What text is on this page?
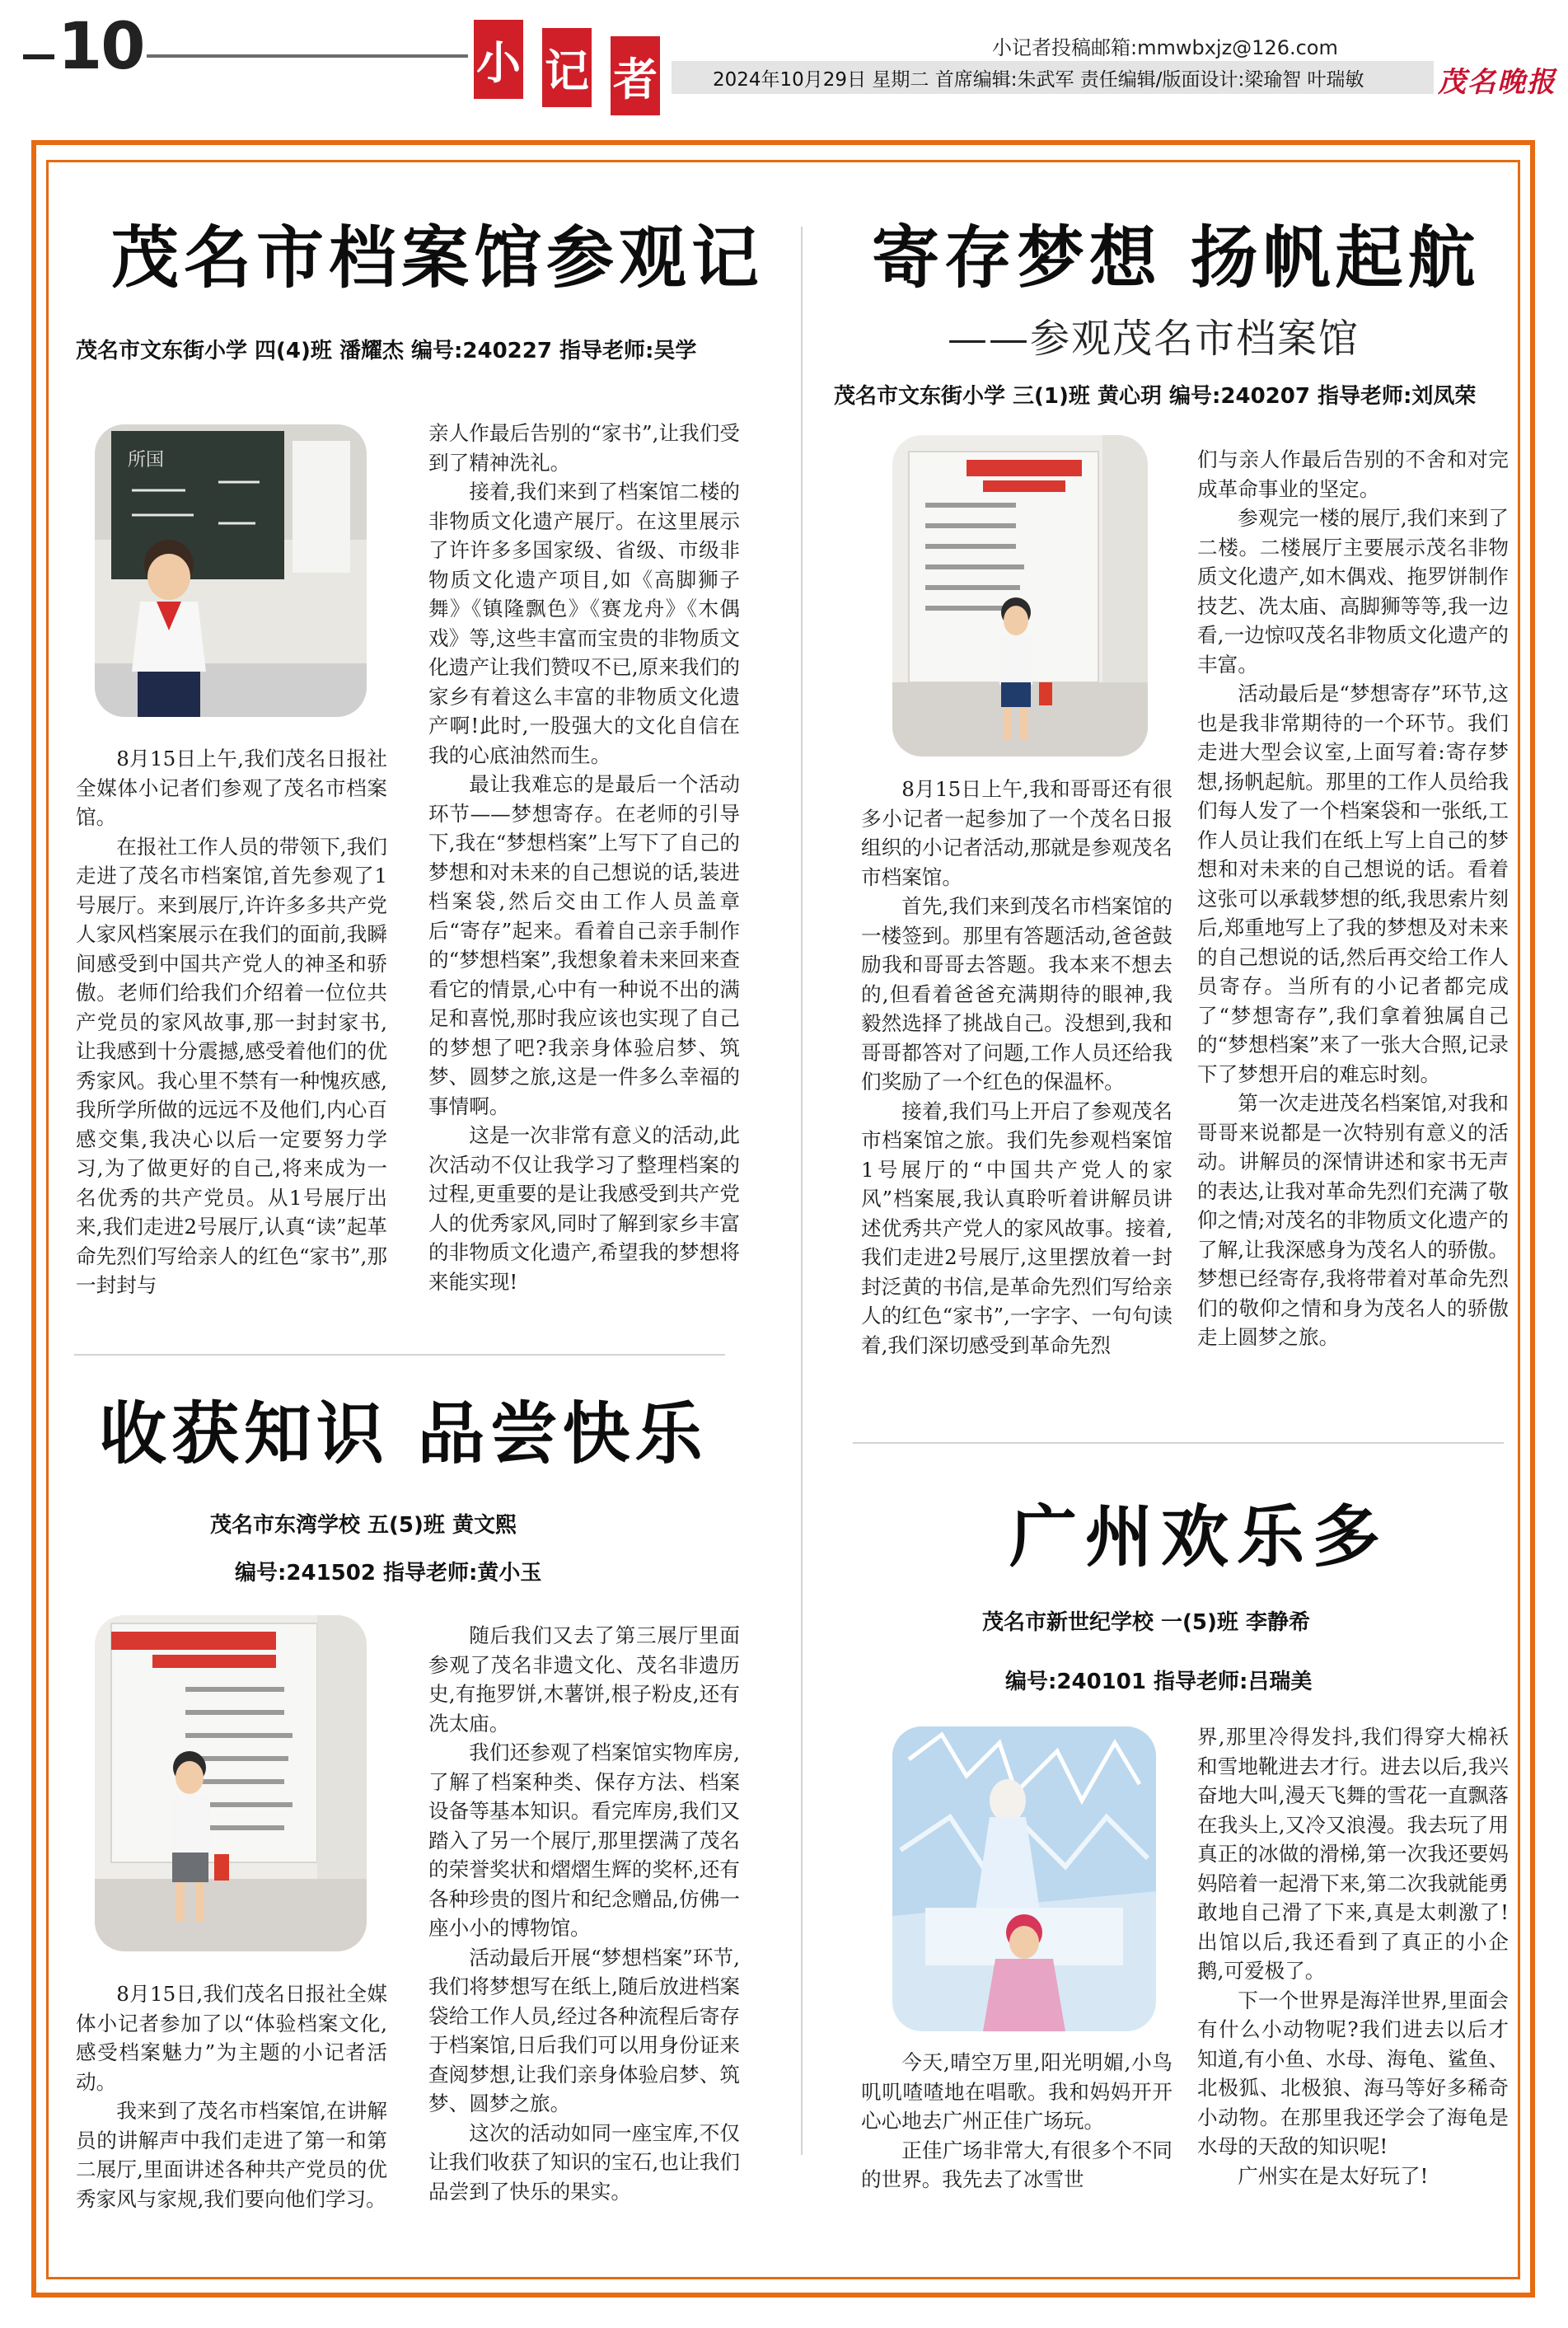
10	小 记 者
小记者投稿邮箱:mmwbxjz@126.com
2024年10月29日 星期二 首席编辑:朱武军 责任编辑/版面设计:梁瑜智 叶瑞敏	茂名晚报
茂名市档案馆参观记
茂名市文东街小学 四(4)班 潘耀杰 编号:240227 指导老师:吴学
所国

8月15日上午,我们茂名日报社全媒体小记者们参观了茂名市档案馆。

在报社工作人员的带领下,我们走进了茂名市档案馆,首先参观了1号展厅。来到展厅,许许多多共产党人家风档案展示在我们的面前,我瞬间感受到中国共产党人的神圣和骄傲。老师们给我们介绍着一位位共产党员的家风故事,那一封封家书,让我感到十分震撼,感受着他们的优秀家风。我心里不禁有一种愧疚感,我所学所做的远远不及他们,内心百感交集,我决心以后一定要努力学习,为了做更好的自己,将来成为一名优秀的共产党员。从1号展厅出来,我们走进2号展厅,认真“读”起革命先烈们写给亲人的红色“家书”,那一封封与

亲人作最后告别的“家书”,让我们受到了精神洗礼。

接着,我们来到了档案馆二楼的非物质文化遗产展厅。在这里展示了许许多多国家级、省级、市级非物质文化遗产项目,如《高脚狮子舞》《镇隆飘色》《赛龙舟》《木偶戏》等,这些丰富而宝贵的非物质文化遗产让我们赞叹不已,原来我们的家乡有着这么丰富的非物质文化遗产啊!此时,一股强大的文化自信在我的心底油然而生。

最让我难忘的是最后一个活动环节——梦想寄存。在老师的引导下,我在“梦想档案”上写下了自己的梦想和对未来的自己想说的话,装进档案袋,然后交由工作人员盖章后“寄存”起来。看着自己亲手制作的“梦想档案”,我想象着未来回来查看它的情景,心中有一种说不出的满足和喜悦,那时我应该也实现了自己的梦想了吧?我亲身体验启梦、筑梦、圆梦之旅,这是一件多么幸福的事情啊。

这是一次非常有意义的活动,此次活动不仅让我学习了整理档案的过程,更重要的是让我感受到共产党人的优秀家风,同时了解到家乡丰富的非物质文化遗产,希望我的梦想将来能实现!

寄存梦想 扬帆起航
——参观茂名市档案馆
茂名市文东街小学 三(1)班 黄心玥 编号:240207 指导老师:刘凤荣

8月15日上午,我和哥哥还有很多小记者一起参加了一个茂名日报组织的小记者活动,那就是参观茂名市档案馆。

首先,我们来到茂名市档案馆的一楼签到。那里有答题活动,爸爸鼓励我和哥哥去答题。我本来不想去的,但看着爸爸充满期待的眼神,我毅然选择了挑战自己。没想到,我和哥哥都答对了问题,工作人员还给我们奖励了一个红色的保温杯。

接着,我们马上开启了参观茂名市档案馆之旅。我们先参观档案馆1号展厅的“中国共产党人的家风”档案展,我认真聆听着讲解员讲述优秀共产党人的家风故事。接着,我们走进2号展厅,这里摆放着一封封泛黄的书信,是革命先烈们写给亲人的红色“家书”,一字字、一句句读着,我们深切感受到革命先烈

们与亲人作最后告别的不舍和对完成革命事业的坚定。

参观完一楼的展厅,我们来到了二楼。二楼展厅主要展示茂名非物质文化遗产,如木偶戏、拖罗饼制作技艺、冼太庙、高脚狮等等,我一边看,一边惊叹茂名非物质文化遗产的丰富。

活动最后是“梦想寄存”环节,这也是我非常期待的一个环节。我们走进大型会议室,上面写着:寄存梦想,扬帆起航。那里的工作人员给我们每人发了一个档案袋和一张纸,工作人员让我们在纸上写上自己的梦想和对未来的自己想说的话。看着这张可以承载梦想的纸,我思索片刻后,郑重地写上了我的梦想及对未来的自己想说的话,然后再交给工作人员寄存。当所有的小记者都完成了“梦想寄存”,我们拿着独属自己的“梦想档案”来了一张大合照,记录下了梦想开启的难忘时刻。

第一次走进茂名档案馆,对我和哥哥来说都是一次特别有意义的活动。讲解员的深情讲述和家书无声的表达,让我对革命先烈们充满了敬仰之情;对茂名的非物质文化遗产的了解,让我深感身为茂名人的骄傲。梦想已经寄存,我将带着对革命先烈们的敬仰之情和身为茂名人的骄傲走上圆梦之旅。

收获知识 品尝快乐
茂名市东湾学校 五(5)班 黄文熙
编号:241502 指导老师:黄小玉

8月15日,我们茂名日报社全媒体小记者参加了以“体验档案文化,感受档案魅力”为主题的小记者活动。

我来到了茂名市档案馆,在讲解员的讲解声中我们走进了第一和第二展厅,里面讲述各种共产党员的优秀家风与家规,我们要向他们学习。

随后我们又去了第三展厅里面参观了茂名非遗文化、茂名非遗历史,有拖罗饼,木薯饼,根子粉皮,还有冼太庙。

我们还参观了档案馆实物库房,了解了档案种类、保存方法、档案设备等基本知识。看完库房,我们又踏入了另一个展厅,那里摆满了茂名的荣誉奖状和熠熠生辉的奖杯,还有各种珍贵的图片和纪念赠品,仿佛一座小小的博物馆。

活动最后开展“梦想档案”环节,我们将梦想写在纸上,随后放进档案袋给工作人员,经过各种流程后寄存于档案馆,日后我们可以用身份证来查阅梦想,让我们亲身体验启梦、筑梦、圆梦之旅。

这次的活动如同一座宝库,不仅让我们收获了知识的宝石,也让我们品尝到了快乐的果实。

广州欢乐多
茂名市新世纪学校 一(5)班 李静希
编号:240101 指导老师:吕瑞美

今天,晴空万里,阳光明媚,小鸟叽叽喳喳地在唱歌。我和妈妈开开心心地去广州正佳广场玩。

正佳广场非常大,有很多个不同的世界。我先去了冰雪世

界,那里冷得发抖,我们得穿大棉袄和雪地靴进去才行。进去以后,我兴奋地大叫,漫天飞舞的雪花一直飘落在我头上,又冷又浪漫。我去玩了用真正的冰做的滑梯,第一次我还要妈妈陪着一起滑下来,第二次我就能勇敢地自己滑了下来,真是太刺激了!出馆以后,我还看到了真正的小企鹅,可爱极了。

下一个世界是海洋世界,里面会有什么小动物呢?我们进去以后才知道,有小鱼、水母、海龟、鲨鱼、北极狐、北极狼、海马等好多稀奇小动物。在那里我还学会了海龟是水母的天敌的知识呢!

广州实在是太好玩了!
